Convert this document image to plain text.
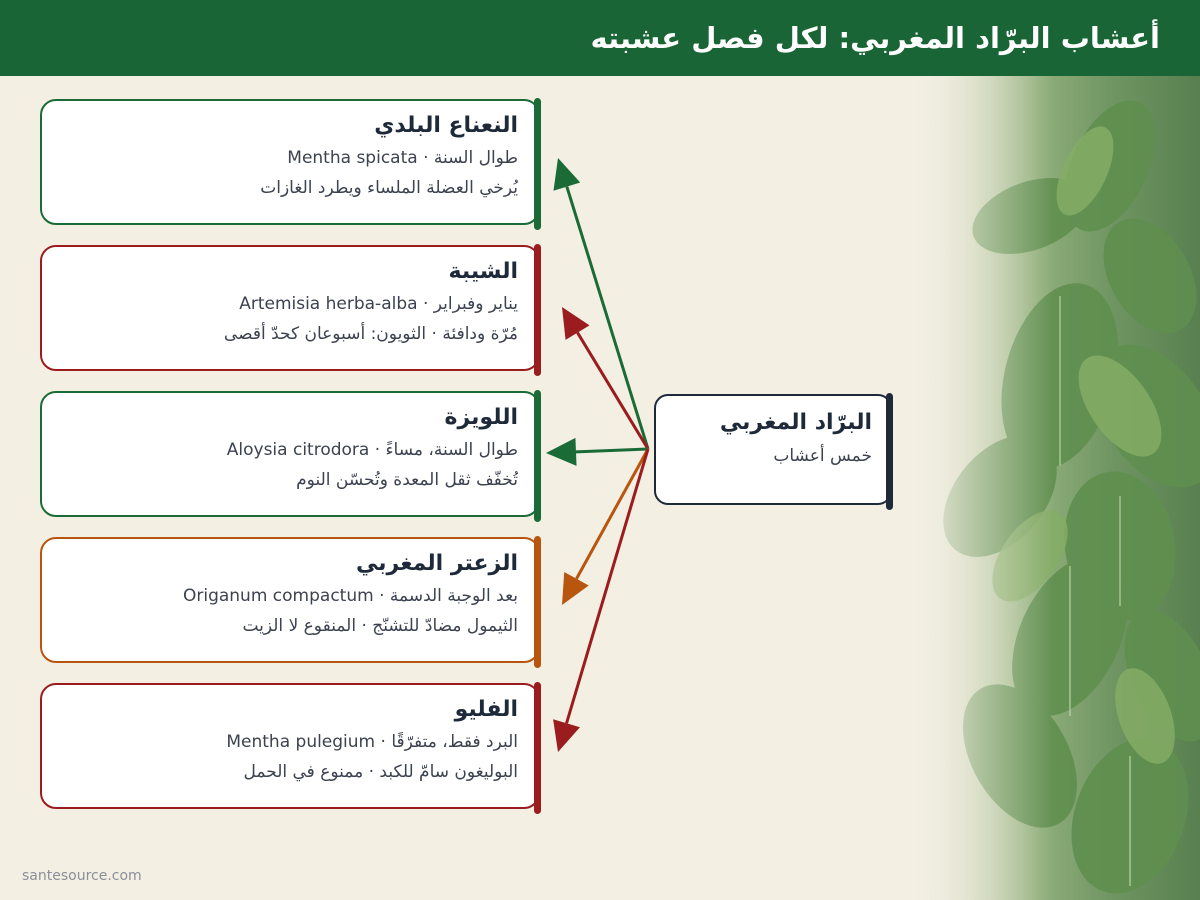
أعشاب البرّاد المغربي: لكل فصل عشبته
النعناع البلدي
طوال السنة · Mentha spicata
يُرخي العضلة الملساء ويطرد الغازات
الشيبة
يناير وفبراير · Artemisia herba-alba
مُرّة ودافئة · الثويون: أسبوعان كحدّ أقصى
اللويزة
طوال السنة، مساءً · Aloysia citrodora
تُخفّف ثقل المعدة وتُحسّن النوم
الزعتر المغربي
بعد الوجبة الدسمة · Origanum compactum
الثيمول مضادّ للتشنّج · المنقوع لا الزيت
الفليو
البرد فقط، متفرّقًا · Mentha pulegium
البوليغون سامّ للكبد · ممنوع في الحمل
البرّاد المغربي
خمس أعشاب
santesource.com
